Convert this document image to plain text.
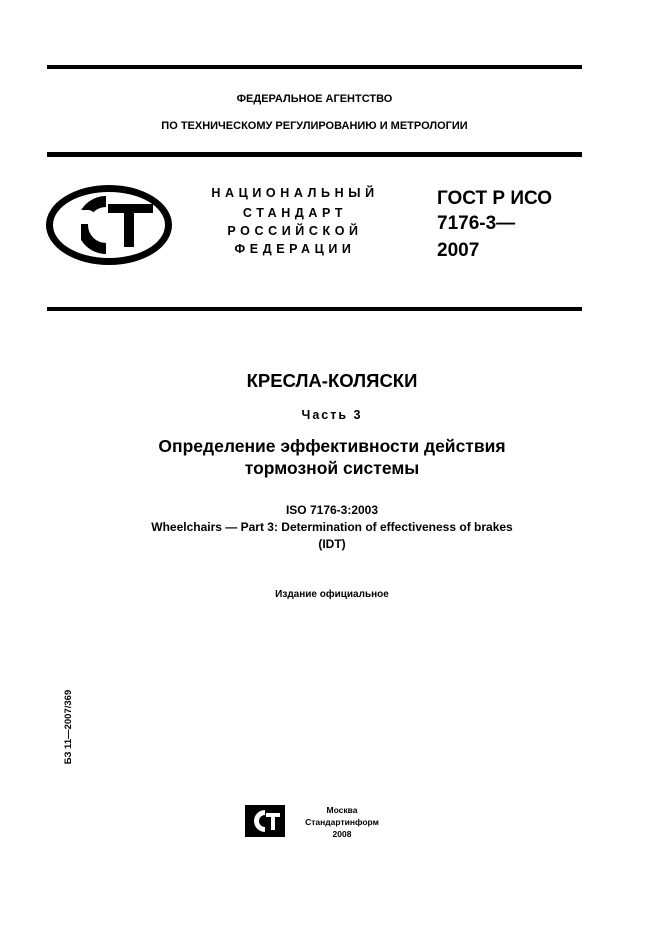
ФЕДЕРАЛЬНОЕ АГЕНТСТВО
ПО ТЕХНИЧЕСКОМУ РЕГУЛИРОВАНИЮ И МЕТРОЛОГИИ
НАЦИОНАЛЬНЫЙ
СТАНДАРТ
РОССИЙСКОЙ
ФЕДЕРАЦИИ
ГОСТ Р ИСО
7176-3—
2007
КРЕСЛА-КОЛЯСКИ
Часть 3
Определение эффективности действия
тормозной системы
ISO 7176-3:2003
Wheelchairs — Part 3: Determination of effectiveness of brakes
(IDT)
Издание официальное
БЗ 11—2007/369
Москва
Стандартинформ
2008
